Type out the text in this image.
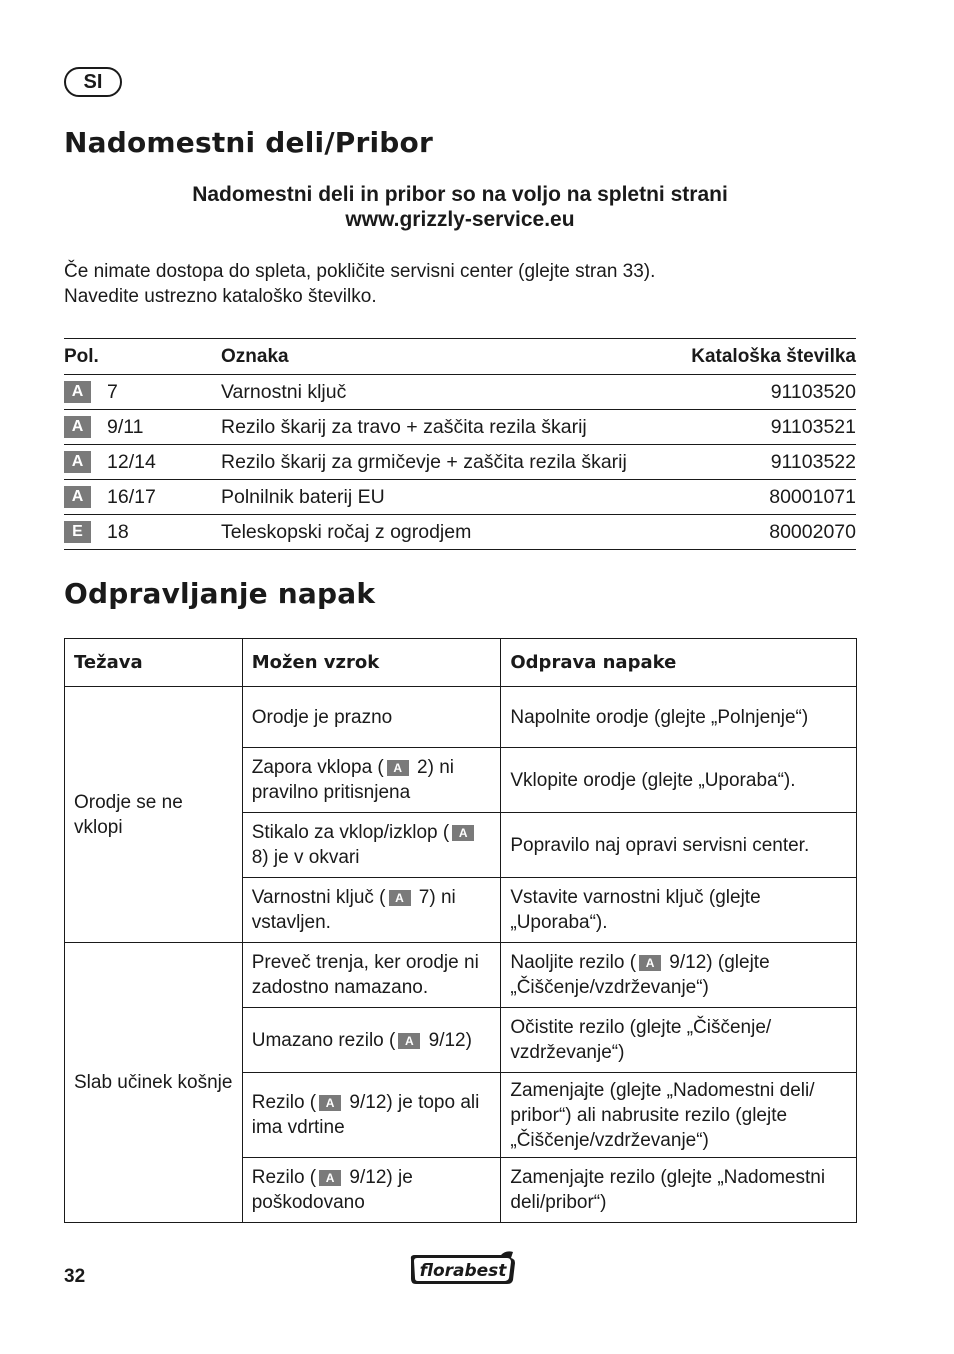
SI
Nadomestni deli/Pribor
Nadomestni deli in pribor so na voljo na spletni strani
www.grizzly-service.eu
Če nimate dostopa do spleta, pokličite servisni center (glejte stran 33).
Navedite ustrezno kataloško številko.
Pol.	Oznaka	Kataloška številka
A 7	Varnostni ključ	91103520
A 9/11	Rezilo škarij za travo + zaščita rezila škarij	91103521
A 12/14	Rezilo škarij za grmičevje + zaščita rezila škarij	91103522
A 16/17	Polnilnik baterij EU	80001071
E 18	Teleskopski ročaj z ogrodjem	80002070
Odpravljanje napak
Težava	Možen vzrok	Odprava napake
Orodje se ne vklopi	Orodje je prazno	Napolnite orodje (glejte „Polnjenje“)
	Zapora vklopa ( A 2) ni pravilno pritisnjena	Vklopite orodje (glejte „Uporaba“).
	Stikalo za vklop/izklop ( A 8) je v okvari	Popravilo naj opravi servisni center.
	Varnostni ključ ( A 7) ni vstavljen.	Vstavite varnostni ključ (glejte „Uporaba“).
Slab učinek košnje	Preveč trenja, ker orodje ni zadostno namazano.	Naoljite rezilo ( A 9/12) (glejte „Čiščenje/vzdrževanje“)
	Umazano rezilo ( A 9/12)	Očistite rezilo (glejte „Čiščenje/ vzdrževanje“)
	Rezilo ( A 9/12) je topo ali ima vdrtine	Zamenjajte (glejte „Nadomestni deli/ pribor“) ali nabrusite rezilo (glejte „Čiščenje/vzdrževanje“)
	Rezilo ( A 9/12) je poškodovano	Zamenjajte rezilo (glejte „Nadomestni deli/pribor“)
32	florabest
